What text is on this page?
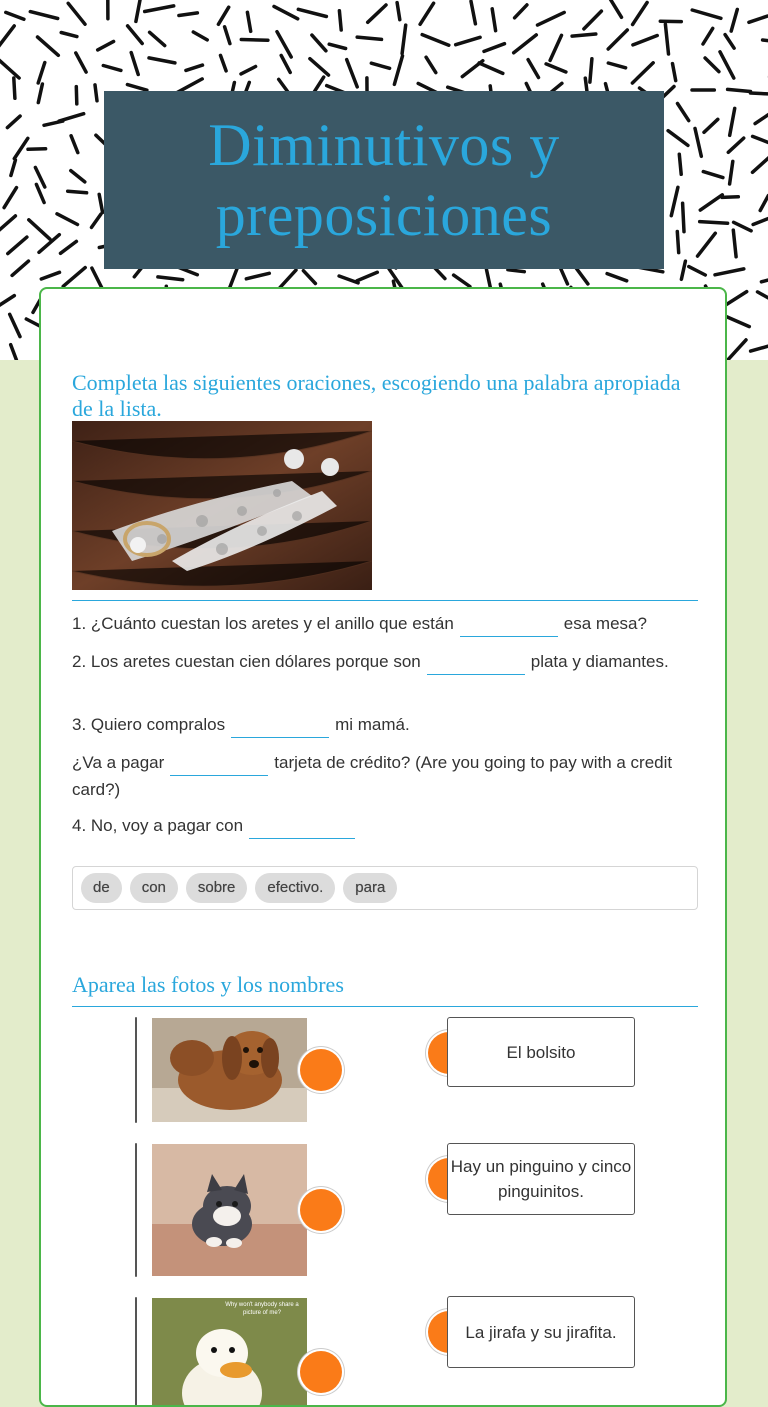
Diminutivos y preposiciones
Completa las siguientes oraciones, escogiendo una palabra apropiada de la lista.
1. ¿Cuánto cuestan los aretes y el anillo que están	esa mesa?
2. Los aretes cuestan cien dólares porque son	plata y diamantes.
3. Quiero compralos	mi mamá.
¿Va a pagar	tarjeta de crédito? (Are you going to pay with a credit card?)
4. No, voy a pagar con
de	con	sobre	efectivo.	para
Aparea las fotos y los nombres
El bolsito
Hay un pinguino y cinco pinguinitos.
Why won't anybody share a picture of me?
La jirafa y su jirafita.
